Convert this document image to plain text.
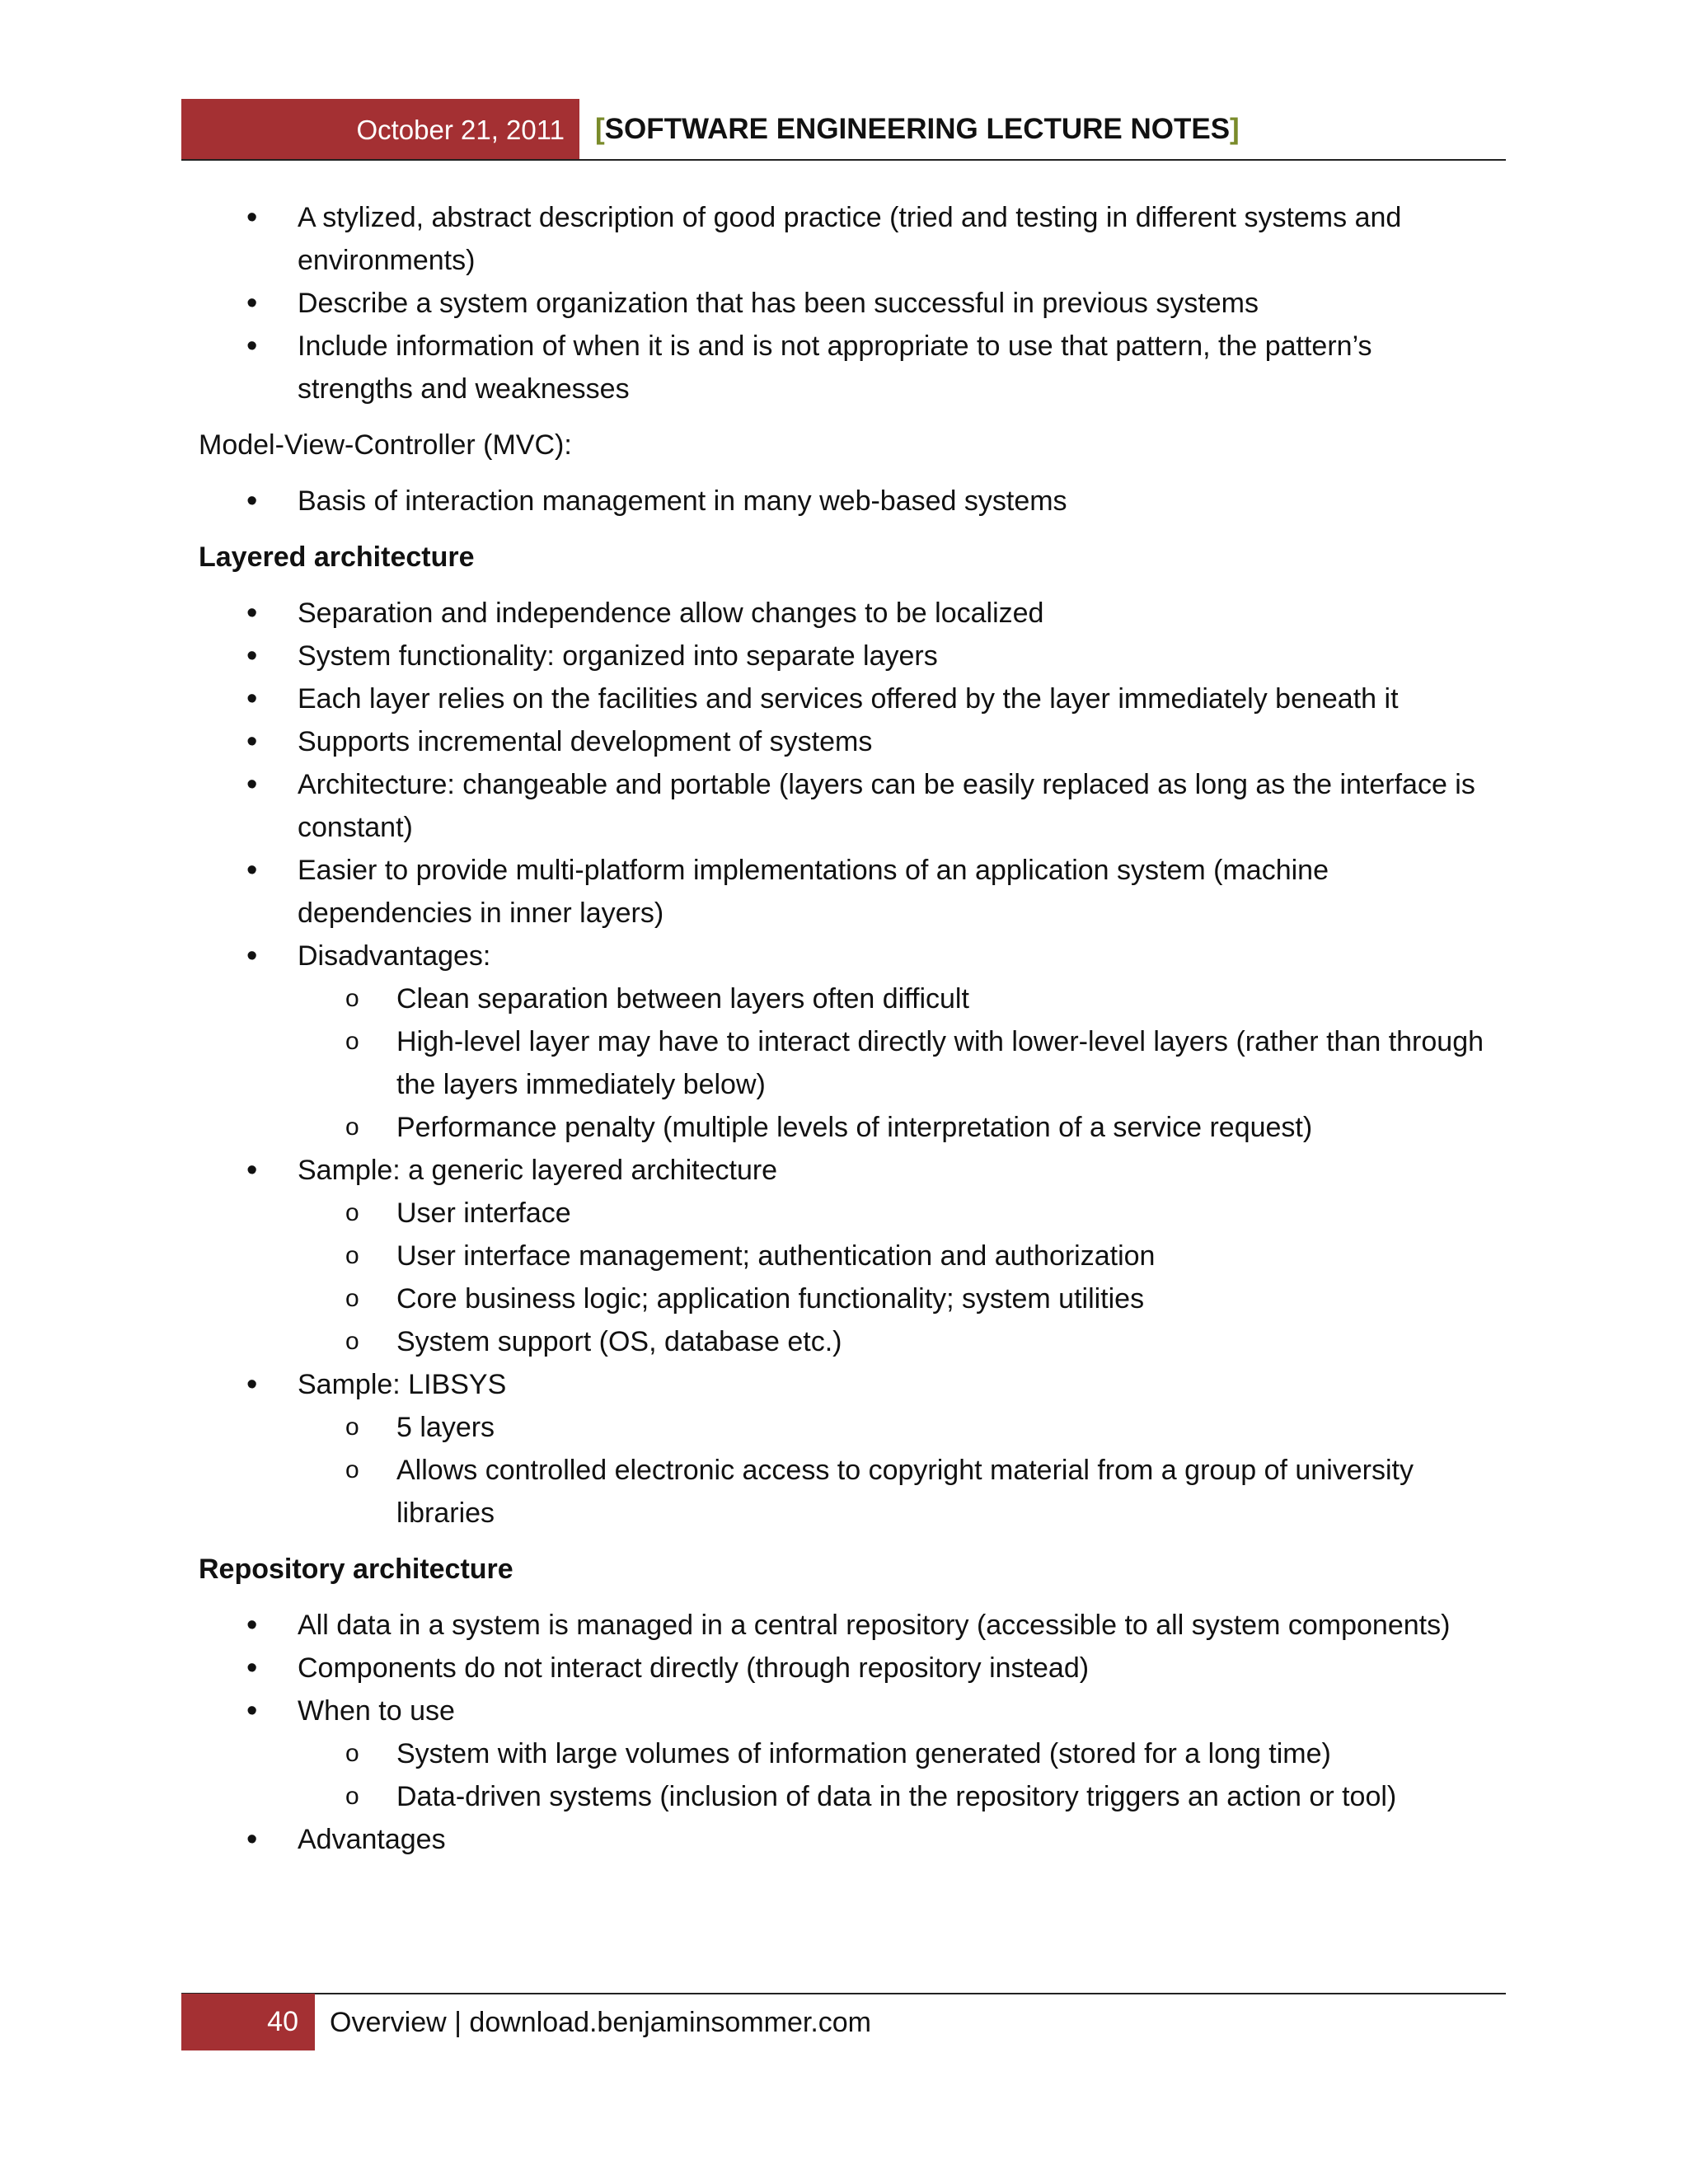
October 21, 2011 [SOFTWARE ENGINEERING LECTURE NOTES]
• A stylized, abstract description of good practice (tried and testing in different systems and environments)
• Describe a system organization that has been successful in previous systems
• Include information of when it is and is not appropriate to use that pattern, the pattern’s strengths and weaknesses

Model-View-Controller (MVC):

• Basis of interaction management in many web-based systems
Layered architecture
• Separation and independence allow changes to be localized
• System functionality: organized into separate layers
• Each layer relies on the facilities and services offered by the layer immediately beneath it
• Supports incremental development of systems
• Architecture: changeable and portable (layers can be easily replaced as long as the interface is constant)
• Easier to provide multi-platform implementations of an application system (machine dependencies in inner layers)
• Disadvantages:
o Clean separation between layers often difficult
o High-level layer may have to interact directly with lower-level layers (rather than through the layers immediately below)
o Performance penalty (multiple levels of interpretation of a service request)
• Sample: a generic layered architecture
o User interface
o User interface management; authentication and authorization
o Core business logic; application functionality; system utilities
o System support (OS, database etc.)
• Sample: LIBSYS
o 5 layers
o Allows controlled electronic access to copyright material from a group of university libraries
Repository architecture
• All data in a system is managed in a central repository (accessible to all system components)
• Components do not interact directly (through repository instead)
• When to use
o System with large volumes of information generated (stored for a long time)
o Data-driven systems (inclusion of data in the repository triggers an action or tool)
• Advantages
40 Overview | download.benjaminsommer.com
